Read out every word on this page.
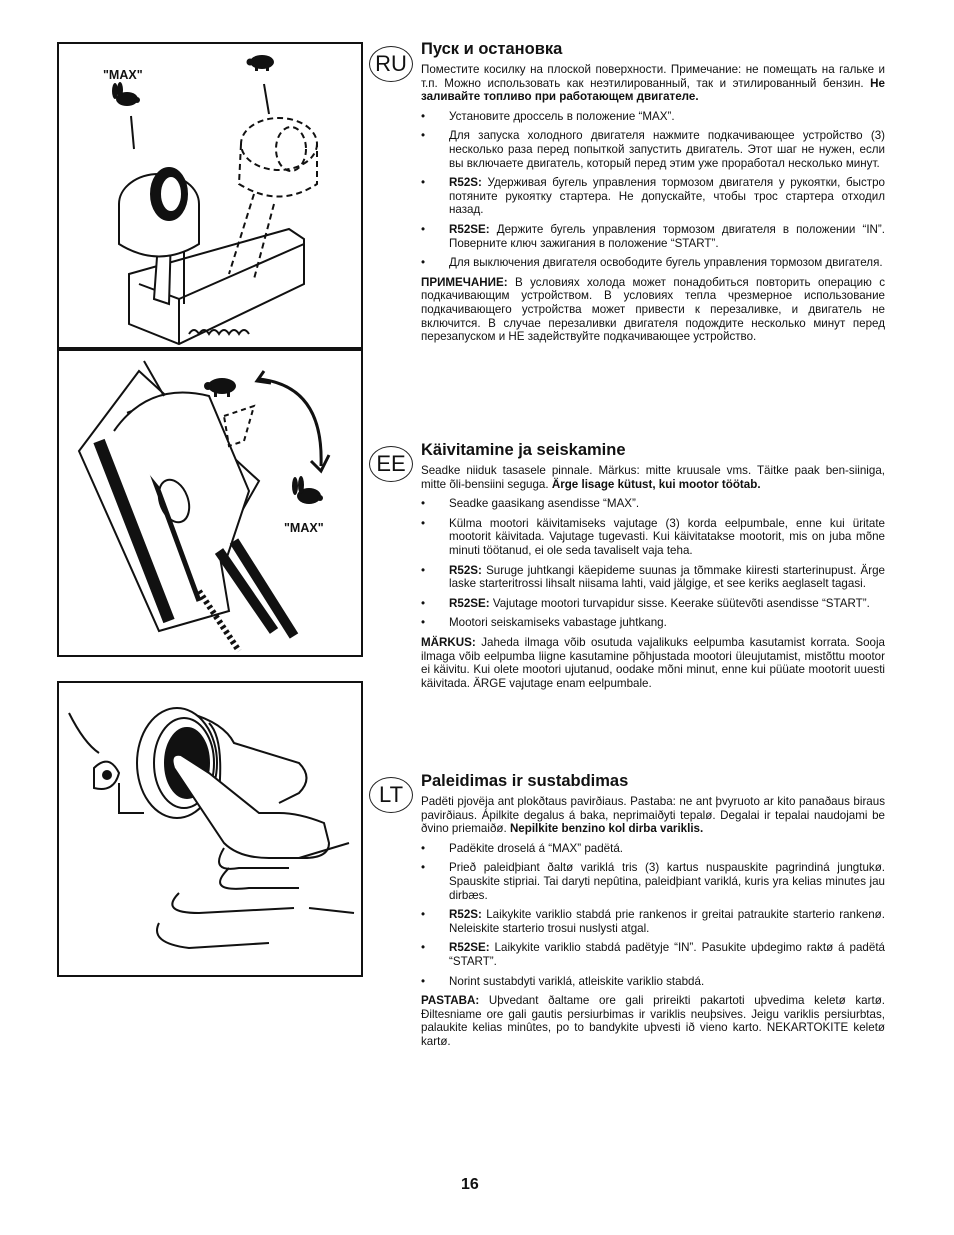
"MAX"
"MAX"
RU
EE
LT
Пуск и остановка

Поместите косилку на плоской поверхности. Примечание: не помещать на гальке и т.п. Можно использовать как неэтилированный, так и этилированный бензин. Не заливайте топливо при работающем двигателе.

• Установите дроссель в положение “MAX”.
• Для запуска холодного двигателя нажмите подкачивающее устройство (3) несколько раза перед попыткой запустить двигатель. Этот шаг не нужен, если вы включаете двигатель, который перед этим уже проработал несколько минут.
• R52S: Удерживая бугель управления тормозом двигателя у рукоятки, быстро потяните рукоятку стартера. Не допускайте, чтобы трос стартера отходил назад.
• R52SE: Держите бугель управления тормозом двигателя в положении “IN”. Поверните ключ зажигания в положение “START”.
• Для выключения двигателя освободите бугель управления тормозом двигателя.

ПРИМЕЧАНИЕ: В условиях холода может понадобиться повторить операцию с подкачивающим устройством. В условиях тепла чрезмерное использование подкачивающего устройства может привести к перезаливке, и двигатель не включится. В случае перезаливки двигателя подождите несколько минут перед перезапуском и НЕ задействуйте подкачивающее устройство.

Käivitamine ja seiskamine

Seadke niiduk tasasele pinnale. Märkus: mitte kruusale vms. Täitke paak ben-siiniga, mitte õli-bensiini seguga. Ärge lisage kütust, kui mootor töötab.

• Seadke gaasikang asendisse “MAX”.
• Külma mootori käivitamiseks vajutage (3) korda eelpumbale, enne kui üritate mootorit käivitada. Vajutage tugevasti. Kui käivitatakse mootorit, mis on juba mõne minuti töötanud, ei ole seda tavaliselt vaja teha.
• R52S: Suruge juhtkangi käepideme suunas ja tõmmake kiiresti starterinupust. Ärge laske starteritrossi lihsalt niisama lahti, vaid jälgige, et see keriks aeglaselt tagasi.
• R52SE: Vajutage mootori turvapidur sisse. Keerake süütevõti asendisse “START”.
• Mootori seiskamiseks vabastage juhtkang.

MÄRKUS: Jaheda ilmaga võib osutuda vajalikuks eelpumba kasutamist korrata. Sooja ilmaga võib eelpumba liigne kasutamine põhjustada mootori üleujutamist, mistõttu mootor ei käivitu. Kui olete mootori ujutanud, oodake mõni minut, enne kui püüate mootorit uuesti käivitada. ÄRGE vajutage enam eelpumbale.

Paleidimas ir sustabdimas

Padëti pjovëja ant plokðtaus pavirðiaus. Pastaba: ne ant þvyruoto ar kito panaðaus biraus pavirðiaus. Ápilkite degalus á baka, neprimaiðyti tepalø. Degalai ir tepalai naudojami be ðvino priemaiðø. Nepilkite benzino kol dirba variklis.

• Padëkite droselá á “MAX” padëtá.
• Prieð paleidþiant ðaltø variklá tris (3) kartus nuspauskite pagrindiná jungtukø. Spauskite stipriai. Tai daryti nepûtina, paleidþiant variklá, kuris yra kelias minutes jau dirbæs.
• R52S: Laikykite variklio stabdá prie rankenos ir greitai patraukite starterio rankenø. Neleiskite starterio trosui nuslysti atgal.
• R52SE: Laikykite variklio stabdá padëtyje “IN”. Pasukite uþdegimo raktø á padëtá “START”.
• Norint sustabdyti variklá, atleiskite variklio stabdá.

PASTABA: Uþvedant ðaltame ore gali prireikti pakartoti uþvedima keletø kartø. Ðiltesniame ore gali gautis persiurbimas ir variklis neuþsives. Jeigu variklis persiurbtas, palaukite kelias minûtes, po to bandykite uþvesti ið vieno karto. NEKARTOKITE keletø kartø.

16
